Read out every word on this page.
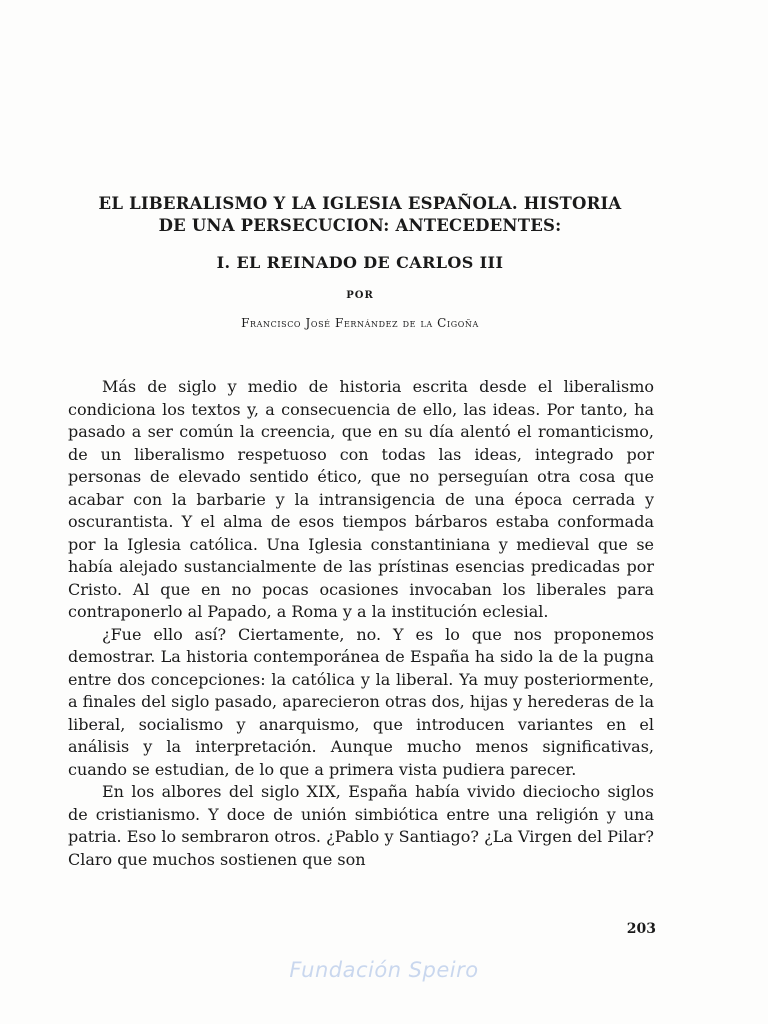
EL LIBERALISMO Y LA IGLESIA ESPAÑOLA. HISTORIA
DE UNA PERSECUCION: ANTECEDENTES:
I. EL REINADO DE CARLOS III
POR
Francisco José Fernández de la Cigoña

Más de siglo y medio de historia escrita desde el liberalismo condiciona los textos y, a consecuencia de ello, las ideas. Por tanto, ha pasado a ser común la creencia, que en su día alentó el romanticismo, de un liberalismo respetuoso con todas las ideas, integrado por personas de elevado sentido ético, que no perseguían otra cosa que acabar con la barbarie y la intransigencia de una época cerrada y oscurantista. Y el alma de esos tiempos bárbaros estaba conformada por la Iglesia católica. Una Iglesia constantiniana y medieval que se había alejado sustancialmente de las prístinas esencias predicadas por Cristo. Al que en no pocas ocasiones invocaban los liberales para contraponerlo al Papado, a Roma y a la institución eclesial.

¿Fue ello así? Ciertamente, no. Y es lo que nos proponemos demostrar. La historia contemporánea de España ha sido la de la pugna entre dos concepciones: la católica y la liberal. Ya muy posteriormente, a finales del siglo pasado, aparecieron otras dos, hijas y herederas de la liberal, socialismo y anarquismo, que introducen variantes en el análisis y la interpretación. Aunque mucho menos significativas, cuando se estudian, de lo que a primera vista pudiera parecer.

En los albores del siglo XIX, España había vivido dieciocho siglos de cristianismo. Y doce de unión simbiótica entre una religión y una patria. Eso lo sembraron otros. ¿Pablo y Santiago? ¿La Virgen del Pilar? Claro que muchos sostienen que son

203
Fundación Speiro
